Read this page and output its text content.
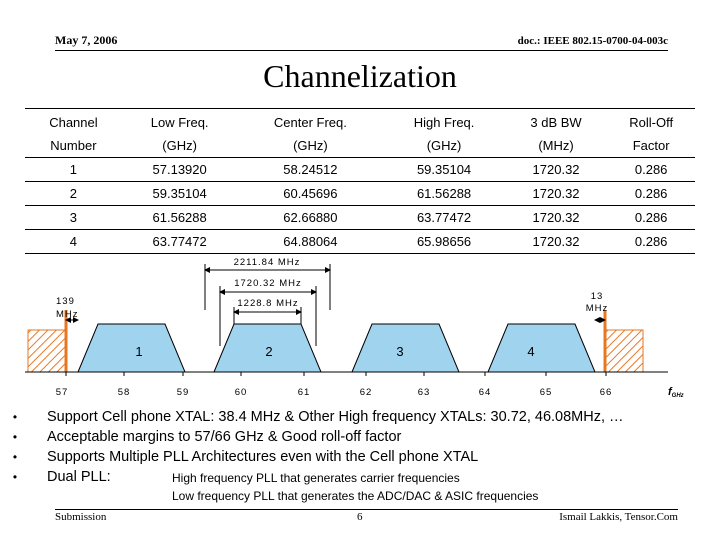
May 7, 2006	doc.: IEEE 802.15-0700-04-003c
Channelization
Channel	Low Freq.	Center Freq.	High Freq.	3 dB BW	Roll-Off
Number	(GHz)	(GHz)	(GHz)	(MHz)	Factor
1	57.13920	58.24512	59.35104	1720.32	0.286
2	59.35104	60.45696	61.56288	1720.32	0.286
3	61.56288	62.66880	63.77472	1720.32	0.286
4	63.77472	64.88064	65.98656	1720.32	0.286
2211.84 MHz
1720.32 MHz
1228.8 MHz
139
MHz
13
MHz
1	2	3	4
57	58	59	60	61	62	63	64	65	66	fGHz
•	Support Cell phone XTAL: 38.4 MHz & Other High frequency XTALs: 30.72, 46.08MHz, …
•	Acceptable margins to 57/66 GHz & Good roll-off factor
•	Supports Multiple PLL Architectures even with the Cell phone XTAL
•	Dual PLL:	High frequency PLL that generates carrier frequencies
Low frequency PLL that generates the ADC/DAC & ASIC frequencies
Submission	6	Ismail Lakkis, Tensor.Com
